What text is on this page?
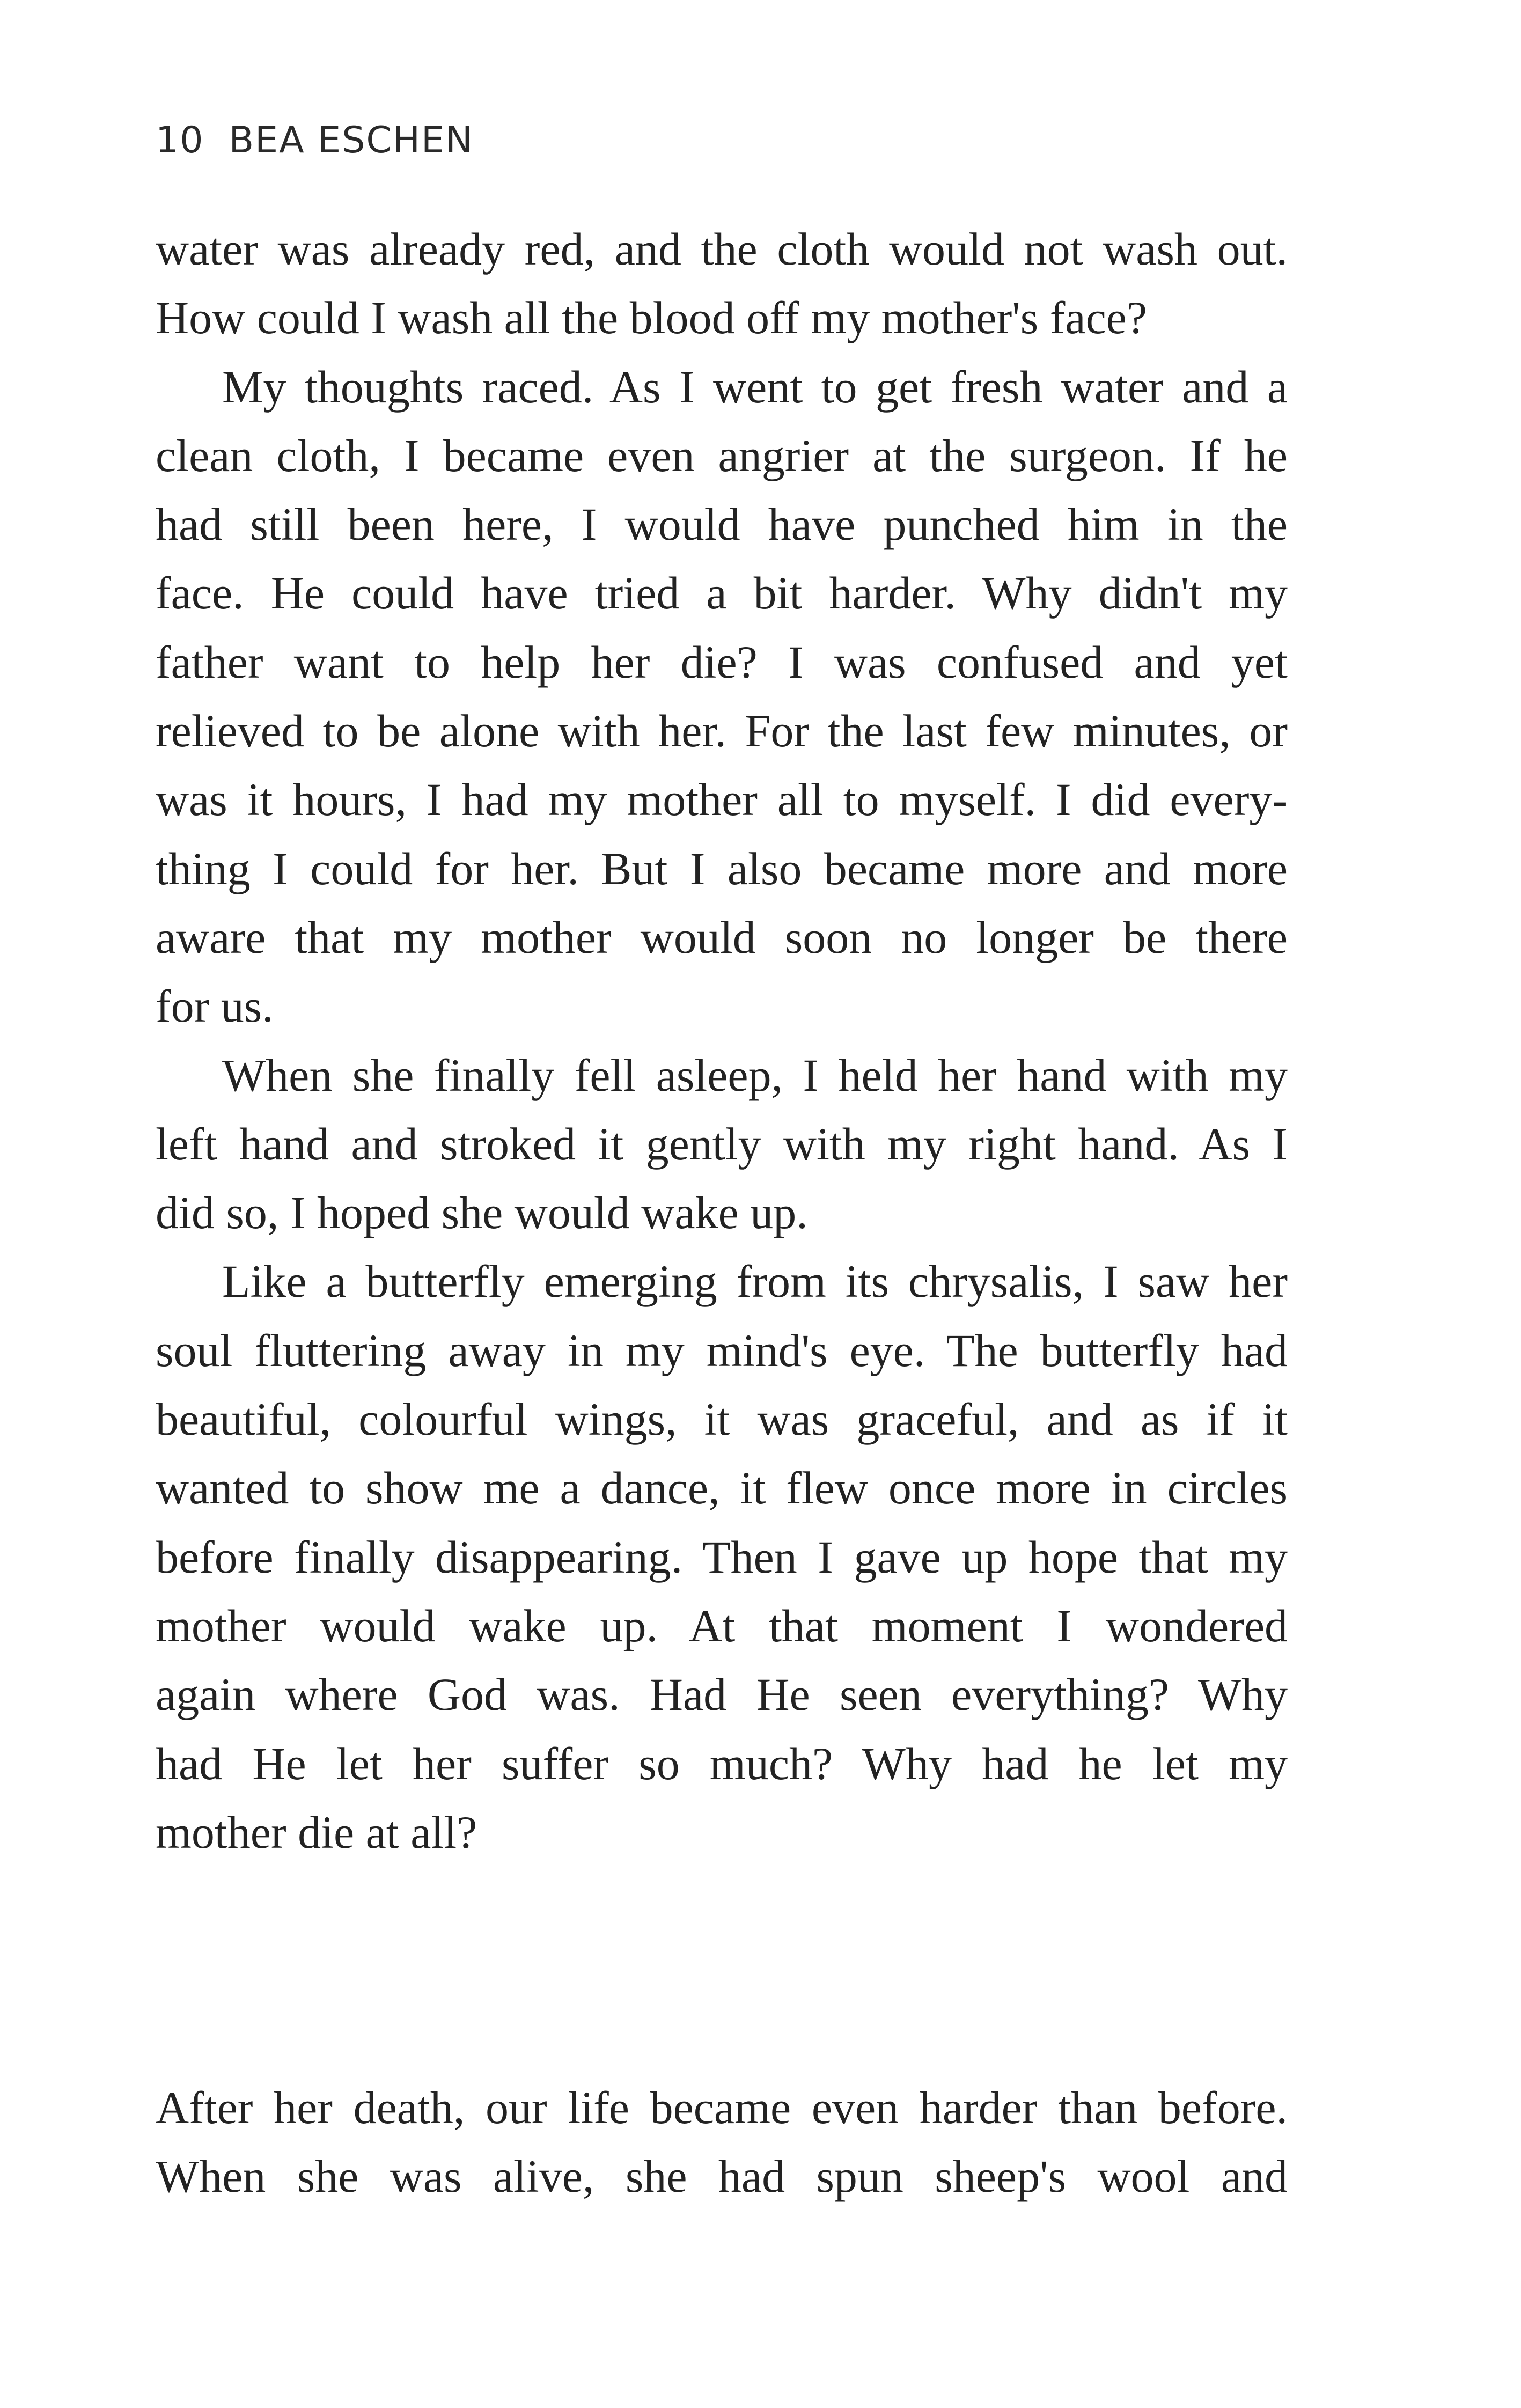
10 BEA ESCHEN
water was already red, and the cloth would not wash out.
How could I wash all the blood off my mother's face?
My thoughts raced. As I went to get fresh water and a
clean cloth, I became even angrier at the surgeon. If he
had still been here, I would have punched him in the
face. He could have tried a bit harder. Why didn't my
father want to help her die? I was confused and yet
relieved to be alone with her. For the last few minutes, or
was it hours, I had my mother all to myself. I did every-
thing I could for her. But I also became more and more
aware that my mother would soon no longer be there
for us.
When she finally fell asleep, I held her hand with my
left hand and stroked it gently with my right hand. As I
did so, I hoped she would wake up.
Like a butterfly emerging from its chrysalis, I saw her
soul fluttering away in my mind's eye. The butterfly had
beautiful, colourful wings, it was graceful, and as if it
wanted to show me a dance, it flew once more in circles
before finally disappearing. Then I gave up hope that my
mother would wake up. At that moment I wondered
again where God was. Had He seen everything? Why
had He let her suffer so much? Why had he let my
mother die at all?
After her death, our life became even harder than before.
When she was alive, she had spun sheep's wool and
